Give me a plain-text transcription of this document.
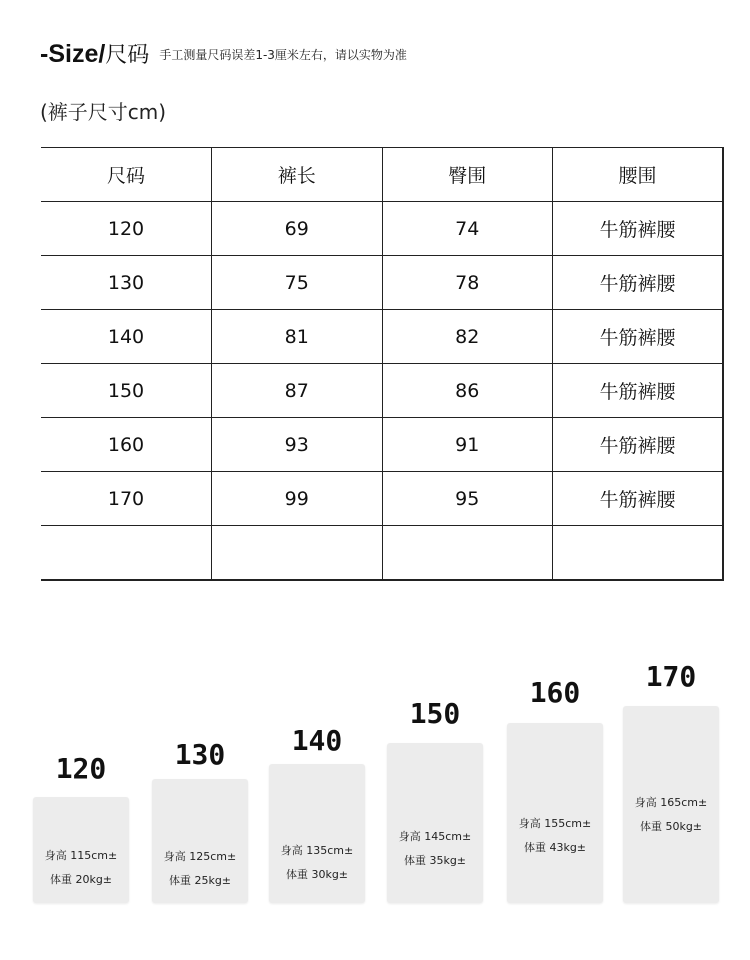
-Size/尺码 手工测量尺码误差1-3厘米左右，请以实物为准
(裤子尺寸cm)
尺码	裤长	臀围	腰围
120	69	74	牛筋裤腰
130	75	78	牛筋裤腰
140	81	82	牛筋裤腰
150	87	86	牛筋裤腰
160	93	91	牛筋裤腰
170	99	95	牛筋裤腰

120
身高 115cm±
体重 20kg±
130
身高 125cm±
体重 25kg±
140
身高 135cm±
体重 30kg±
150
身高 145cm±
体重 35kg±
160
身高 155cm±
体重 43kg±
170
身高 165cm±
体重 50kg±
